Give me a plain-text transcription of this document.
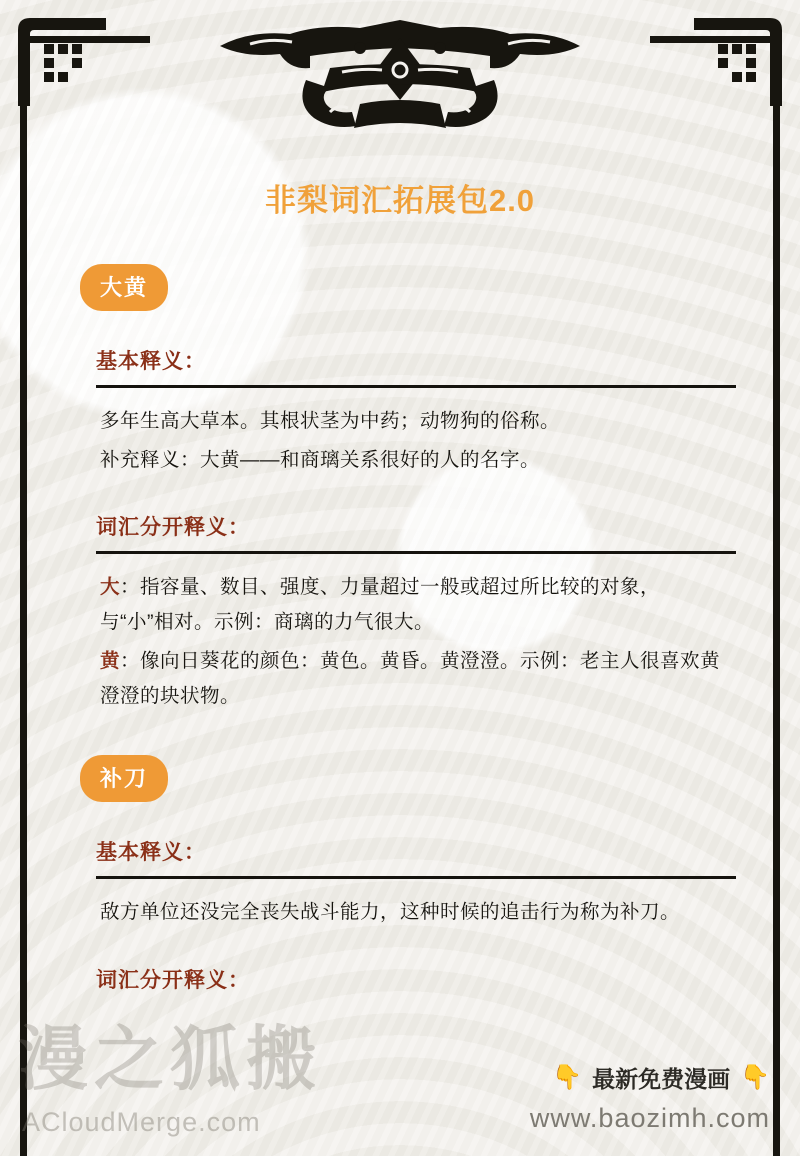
非梨词汇拓展包2.0
大黄
基本释义：

多年生高大草本。其根状茎为中药；动物狗的俗称。

补充释义：大黄——和商璃关系很好的人的名字。

词汇分开释义：

大：指容量、数目、强度、力量超过一般或超过所比较的对象，与“小”相对。示例：商璃的力气很大。

黄：像向日葵花的颜色：黄色。黄昏。黄澄澄。示例：老主人很喜欢黄澄澄的块状物。

补刀
基本释义：

敌方单位还没完全丧失战斗能力，这种时候的追击行为称为补刀。

词汇分开释义：
漫之狐搬
ACloudMerge.com
👇 最新免费漫画 👇
www.baozimh.com
